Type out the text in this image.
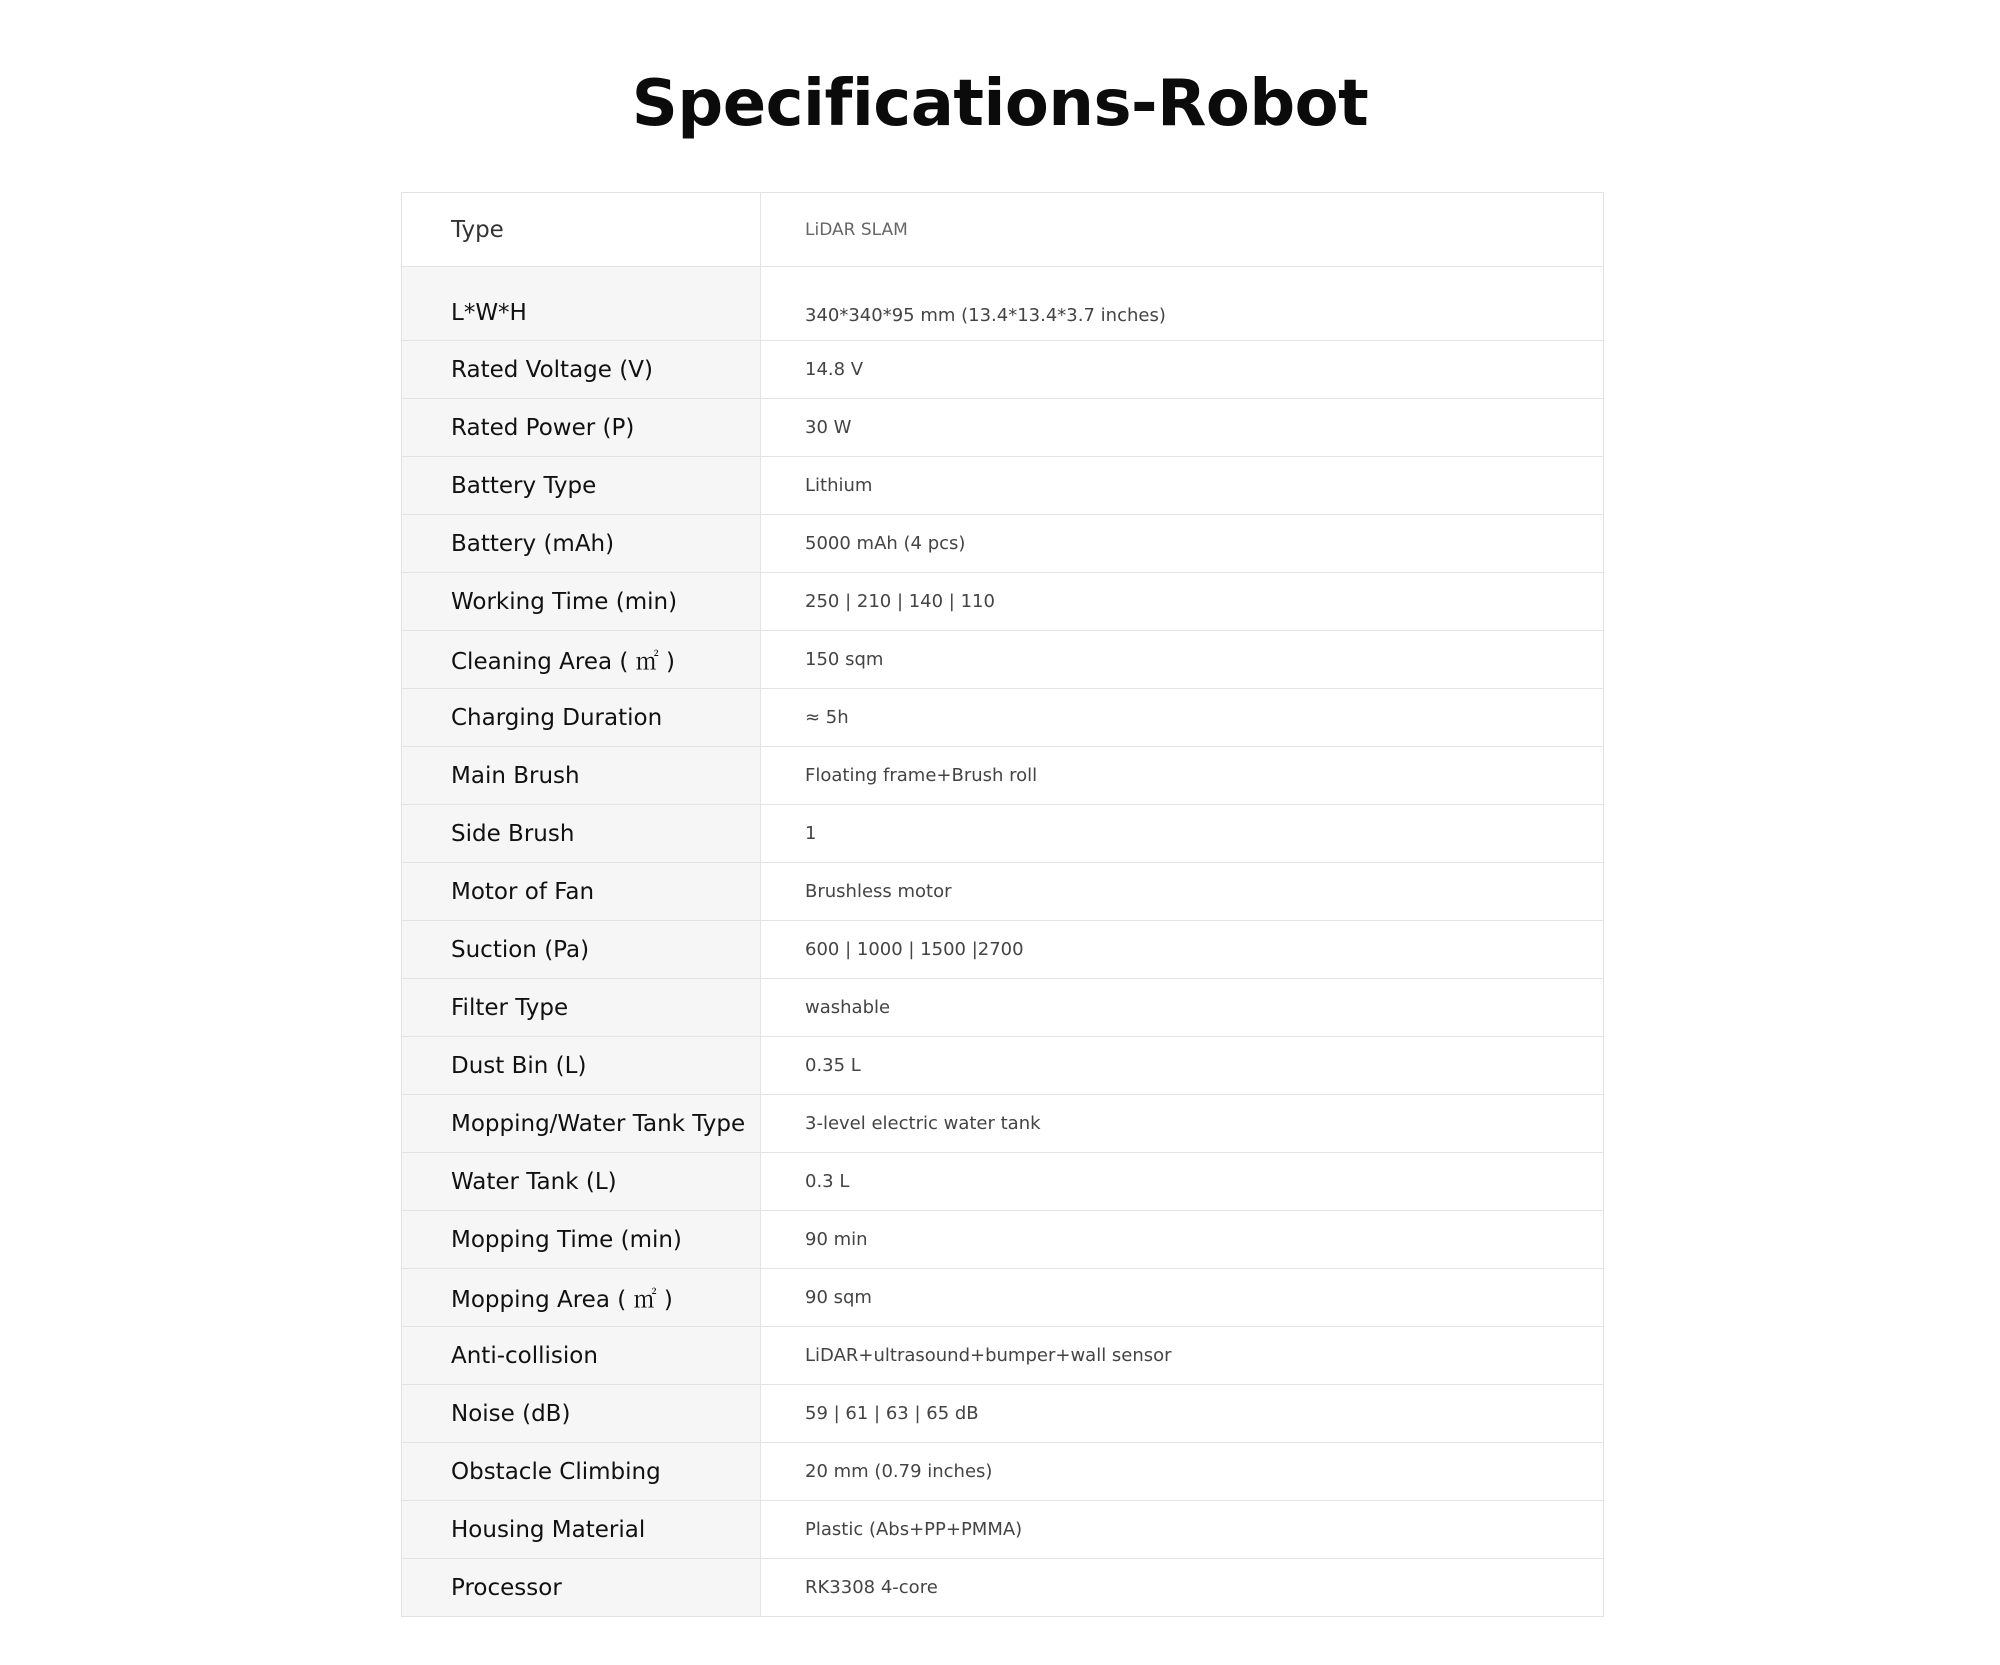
Specifications-Robot
Type	LiDAR SLAM
L*W*H	340*340*95 mm (13.4*13.4*3.7 inches)
Rated Voltage (V)	14.8 V
Rated Power (P)	30 W
Battery Type	Lithium
Battery (mAh)	5000 mAh (4 pcs)
Working Time (min)	250 | 210 | 140 | 110
Cleaning Area ( ㎡ )	150 sqm
Charging Duration	≈ 5h
Main Brush	Floating frame+Brush roll
Side Brush	1
Motor of Fan	Brushless motor
Suction (Pa)	600 | 1000 | 1500 |2700
Filter Type	washable
Dust Bin (L)	0.35 L
Mopping/Water Tank Type	3-level electric water tank
Water Tank (L)	0.3 L
Mopping Time (min)	90 min
Mopping Area ( ㎡ )	90 sqm
Anti-collision	LiDAR+ultrasound+bumper+wall sensor
Noise (dB)	59 | 61 | 63 | 65 dB
Obstacle Climbing	20 mm (0.79 inches)
Housing Material	Plastic (Abs+PP+PMMA)
Processor	RK3308 4-core
